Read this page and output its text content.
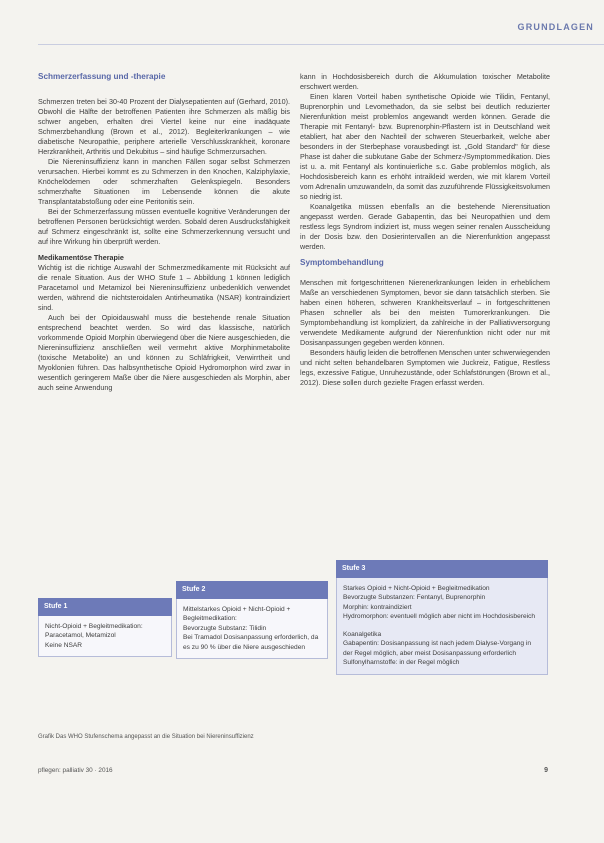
GRUNDLAGEN

Schmerzerfassung und -therapie

Schmerzen treten bei 30-40 Prozent der Dialysepatienten auf (Gerhard, 2010). Obwohl die Hälfte der betroffenen Patienten ihre Schmerzen als mäßig bis schwer angeben, erhalten drei Viertel keine nur eine inadäquate Schmerzbehandlung (Brown et al., 2012). Begleiterkrankungen – wie diabetische Neuropathie, periphere arterielle Verschlusskrankheit, koronare Herzkrankheit, Arthritis und Dekubitus – sind häufige Schmerzursachen.

Die Niereninsuffizienz kann in manchen Fällen sogar selbst Schmerzen verursachen. Hierbei kommt es zu Schmerzen in den Knochen, Kalziphylaxie, Knöchelödemen oder schmerzhaften Gelenkspiegeln. Besonders schmerzhafte Situationen im Lebensende können die akute Transplantatabstoßung oder eine Peritonitis sein.

Bei der Schmerzerfassung müssen eventuelle kognitive Veränderungen der betroffenen Personen berücksichtigt werden. Sobald deren Ausdrucksfähigkeit auf Schmerz eingeschränkt ist, sollte eine Schmerzerkennung versucht und auf ihre Wirkung hin überprüft werden.

Medikamentöse Therapie

Wichtig ist die richtige Auswahl der Schmerzmedikamente mit Rücksicht auf die renale Situation. Aus der WHO Stufe 1 – Abbildung 1 können lediglich Paracetamol und Metamizol bei Niereninsuffizienz unbedenklich verwendet werden, während die nichtsteroidalen Antirheumatika (NSAR) kontraindiziert sind.

Auch bei der Opioidauswahl muss die bestehende renale Situation entsprechend beachtet werden. So wird das klassische, natürlich vorkommende Opioid Morphin überwiegend über die Niere ausgeschieden, die Niereninsuffizienz anschließen weil vermehrt aktive Morphinmetabolite (toxische Metabolite) an und können zu Schläfrigkeit, Verwirrtheit und Myoklonien führen. Das halbsynthetische Opioid Hydromorphon wird zwar in wesentlich geringerem Maße über die Niere ausgeschieden als Morphin, aber auch seine Anwendung

kann in Hochdosisbereich durch die Akkumulation toxischer Metabolite erschwert werden.

Einen klaren Vorteil haben synthetische Opioide wie Tilidin, Fentanyl, Buprenorphin und Levomethadon, da sie selbst bei deutlich reduzierter Nierenfunktion meist problemlos angewandt werden können. Gerade die Therapie mit Fentanyl- bzw. Buprenorphin-Pflastern ist in Deutschland weit etabliert, hat aber den Nachteil der schweren Steuerbarkeit, welche aber besonders in der Sterbephase vorausbedingt ist. „Gold Standard" für diese Phase ist daher die subkutane Gabe der Schmerz-/Symptommedikation. Dies ist u. a. mit Fentanyl als kontinuierliche s.c. Gabe problemlos möglich, als Hochdosisbereich kann es erhöht intraikleid werden, wie mit klarem Vorteil vom Adrenalin umzuwandeln, da somit das zuzuführende Flüssigkeitsvolumen so niedrig ist.

Koanalgetika müssen ebenfalls an die bestehende Nierensituation angepasst werden. Gerade Gabapentin, das bei Neuropathien und dem restless legs Syndrom indiziert ist, muss wegen seiner renalen Ausscheidung in der Dosis bzw. den Dosierintervallen an die Nierenfunktion angepasst werden.

Symptombehandlung

Menschen mit fortgeschrittenen Nierenerkrankungen leiden in erheblichem Maße an verschiedenen Symptomen, bevor sie dann tatsächlich sterben. Sie haben einen höheren, schweren Krankheitsverlauf – in fortgeschrittenen Phasen schneller als bei den meisten Tumorerkrankungen. Die Symptombehandlung ist kompliziert, da zahlreiche in der Palliativversorgung verwendete Medikamente aufgrund der Nierenfunktion nicht oder nur mit Dosisanpassungen gegeben werden können.

Besonders häufig leiden die betroffenen Menschen unter schwerwiegenden und nicht selten behandelbaren Symptomen wie Juckreiz, Fatigue, Restless legs, exzessive Fatigue, Unruhezustände, oder Schlafstörungen (Brown et al., 2012). Diese sollen durch gezielte Fragen erfasst werden.

Stufe 1

Nicht-Opioid + Begleitmedikation:

Paracetamol, Metamizol

Keine NSAR

Stufe 2

Mittelstarkes Opioid + Nicht-Opioid + Begleitmedikation:

Bevorzugte Substanz: Tilidin

Bei Tramadol Dosisanpassung erforderlich, da es zu 90 % über die Niere ausgeschieden

Stufe 3

Starkes Opioid + Nicht-Opioid + Begleitmedikation

Bevorzugte Substanzen: Fentanyl, Buprenorphin

Morphin: kontraindiziert

Hydromorphon: eventuell möglich aber nicht im Hochdosisbereich

Koanalgetika

Gabapentin: Dosisanpassung ist nach jedem Dialyse-Vorgang in der Regel möglich, aber meist Dosisanpassung erforderlich

Sulfonylharnstoffe: in der Regel möglich

Grafik Das WHO Stufenschema angepasst an die Situation bei Niereninsuffizienz
pflegen: palliativ 30 · 2016	9
